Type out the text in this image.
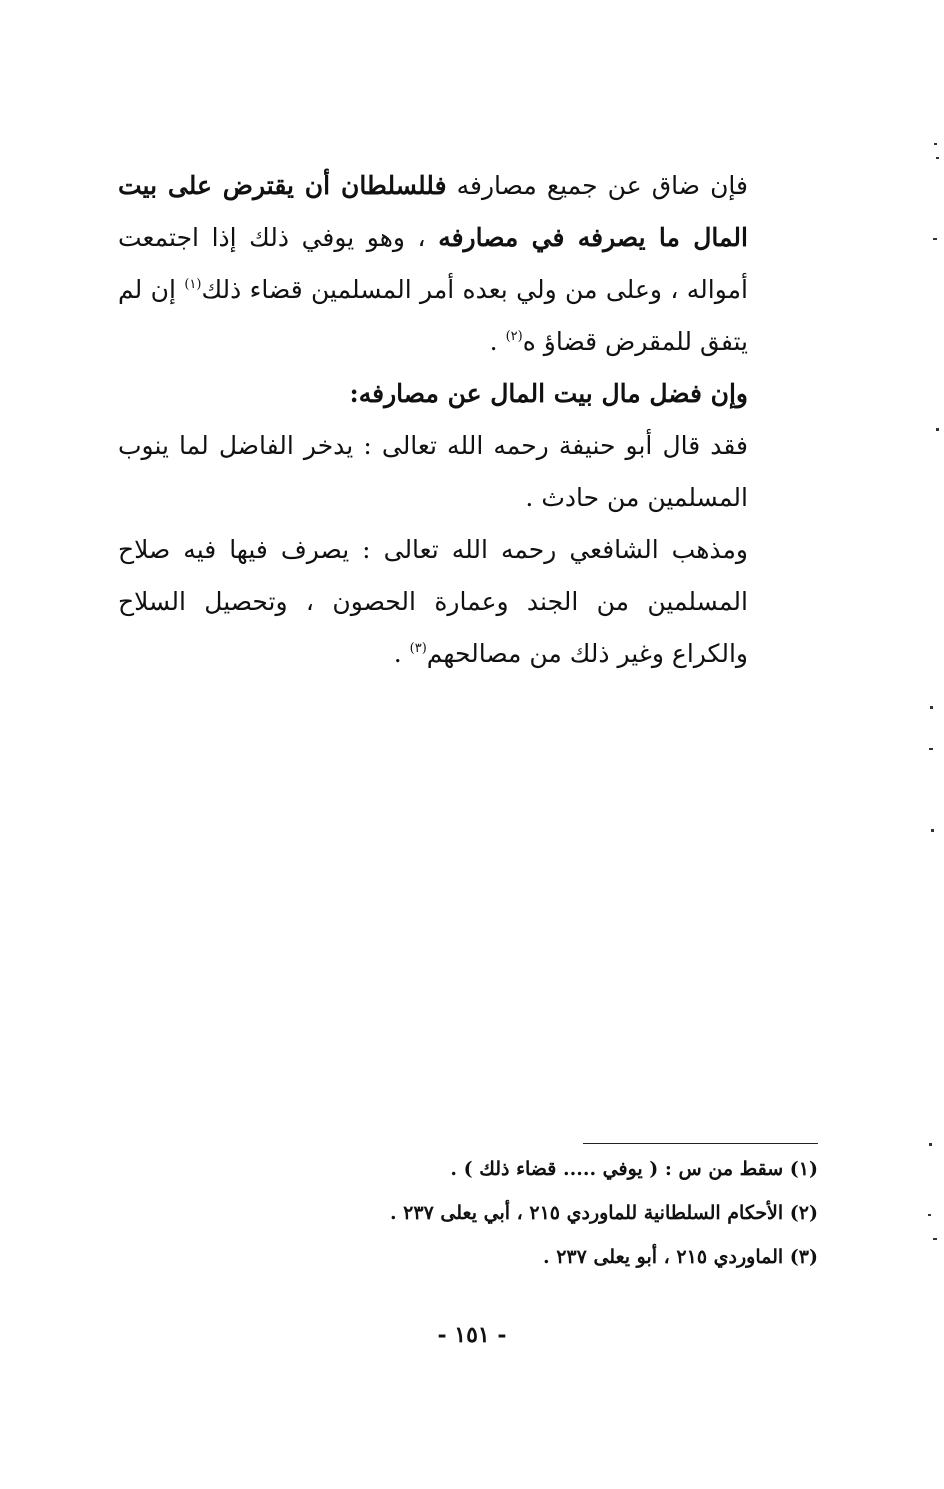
فإن ضاق عن جميع مصارفه فللسلطان أن يقترض على بيت المال ما يصرفه في مصارفه ، وهو يوفي ذلك إذا اجتمعت أمواله ، وعلى من ولي بعده أمر المسلمين قضاء ذلك$^{(١)}$ إن لم يتفق للمقرض قضاؤ ه$^{(٢)}$ .

وإن فضل مال بيت المال عن مصارفه:

فقد قال أبو حنيفة رحمه الله تعالى : يدخر الفاضل لما ينوب المسلمين من حادث .

ومذهب الشافعي رحمه الله تعالى : يصرف فيها فيه صلاح المسلمين من الجند وعمارة الحصون ، وتحصيل السلاح والكراع وغير ذلك من مصالحهم$^{(٣)}$ .

(١) سقط من س : ( يوفي ..... قضاء ذلك ) .

(٢) الأحكام السلطانية للماوردي ٢١٥ ، أبي يعلى ٢٣٧ .

(٣) الماوردي ٢١٥ ، أبو يعلى ٢٣٧ .

- ١٥١ -
